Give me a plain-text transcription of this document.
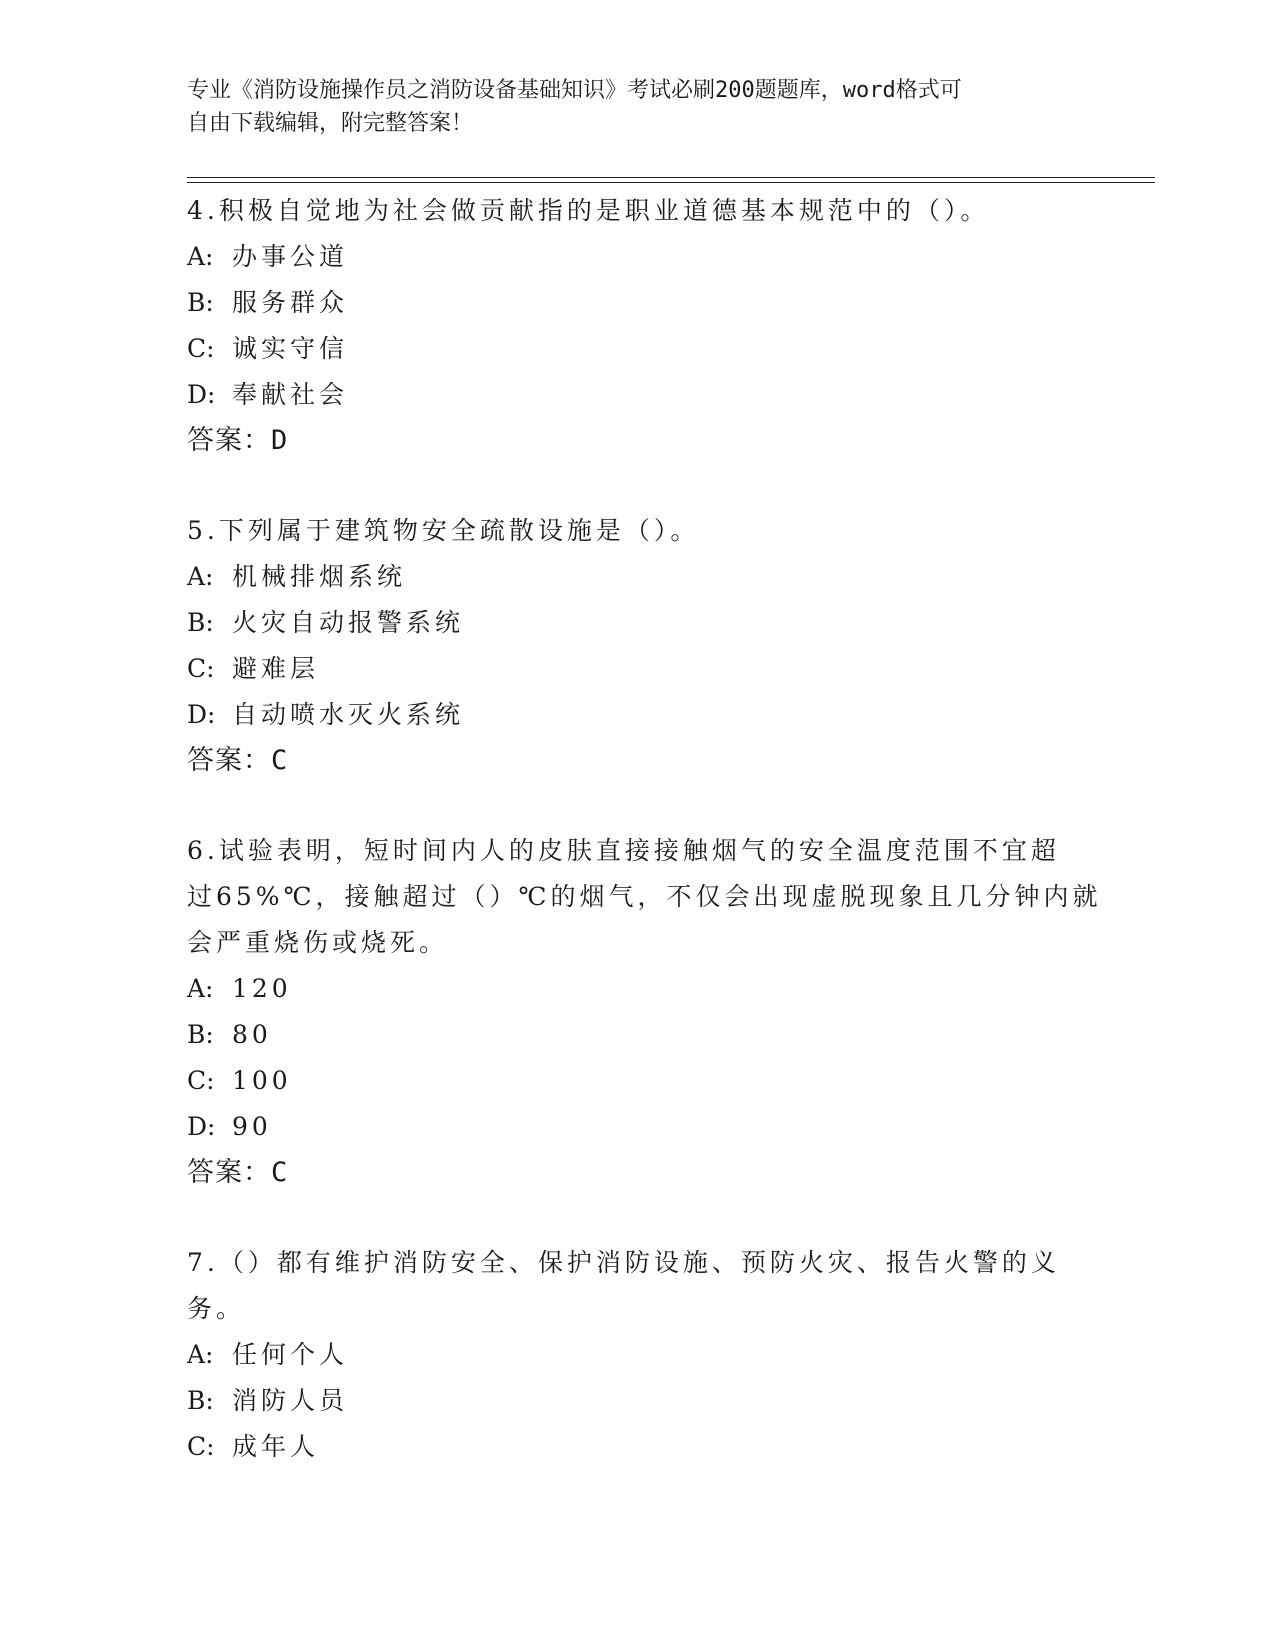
专业《消防设施操作员之消防设备基础知识》考试必刷200题题库，word格式可
自由下载编辑，附完整答案！
4.积极自觉地为社会做贡献指的是职业道德基本规范中的（）。
A: 办事公道
B: 服务群众
C: 诚实守信
D: 奉献社会
答案：D
5.下列属于建筑物安全疏散设施是（）。
A: 机械排烟系统
B: 火灾自动报警系统
C: 避难层
D: 自动喷水灭火系统
答案：C
6.试验表明，短时间内人的皮肤直接接触烟气的安全温度范围不宜超
过65%℃，接触超过（）℃的烟气，不仅会出现虚脱现象且几分钟内就
会严重烧伤或烧死。
A: 120
B: 80
C: 100
D: 90
答案：C
7.（）都有维护消防安全、保护消防设施、预防火灾、报告火警的义
务。
A: 任何个人
B: 消防人员
C: 成年人
